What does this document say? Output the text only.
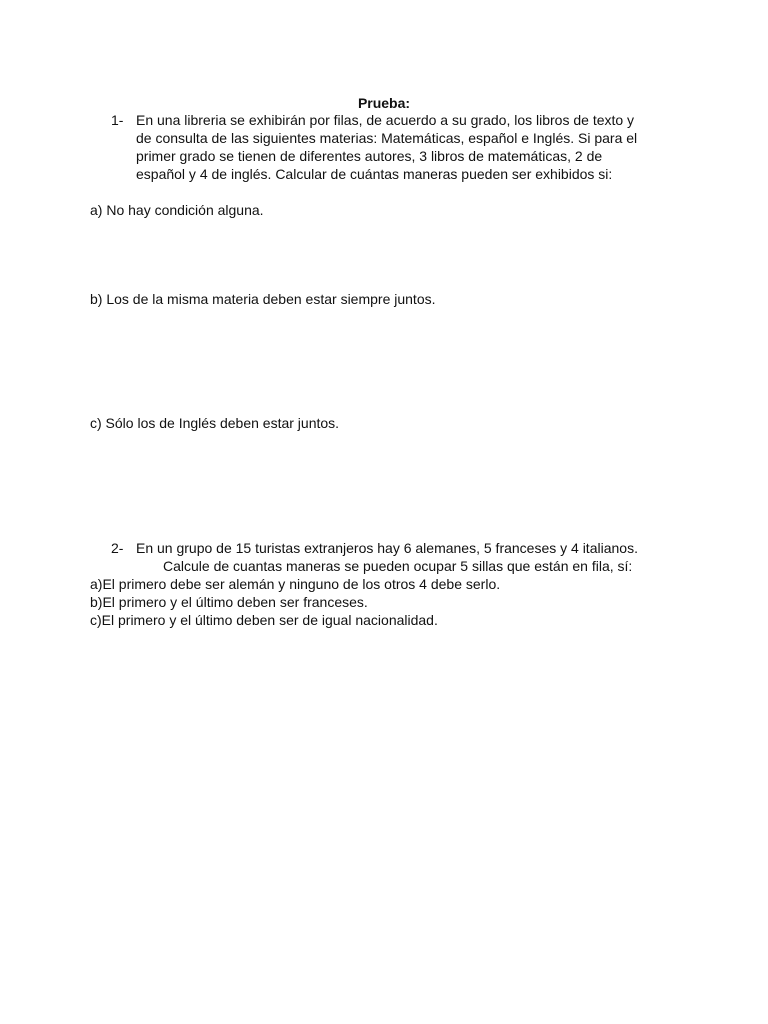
Prueba:
1- En una libreria se exhibirán por filas, de acuerdo a su grado, los libros de texto y
de consulta de las siguientes materias: Matemáticas, español e Inglés. Si para el
primer grado se tienen de diferentes autores, 3 libros de matemáticas, 2 de
español y 4 de inglés. Calcular de cuántas maneras pueden ser exhibidos si:
a) No hay condición alguna.
b) Los de la misma materia deben estar siempre juntos.
c) Sólo los de Inglés deben estar juntos.
2- En un grupo de 15 turistas extranjeros hay 6 alemanes, 5 franceses y 4 italianos.
Calcule de cuantas maneras se pueden ocupar 5 sillas que están en fila, sí:
a)El primero debe ser alemán y ninguno de los otros 4 debe serlo.
b)El primero y el último deben ser franceses.
c)El primero y el último deben ser de igual nacionalidad.
